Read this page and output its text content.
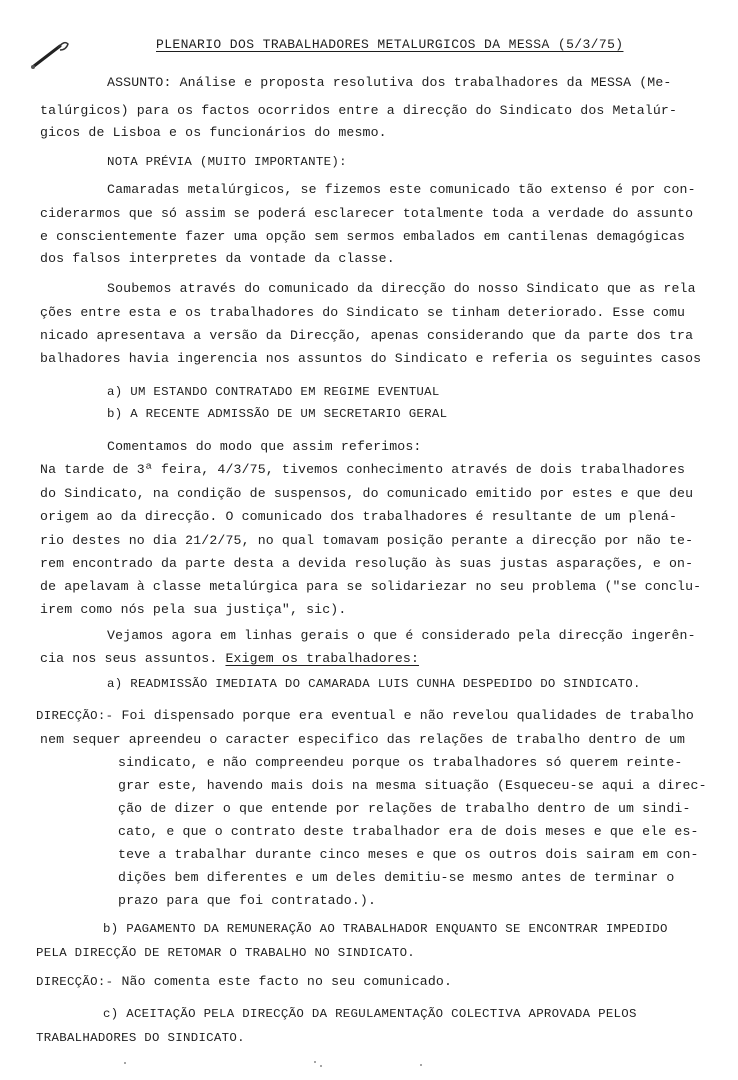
PLENARIO DOS TRABALHADORES METALURGICOS DA MESSA (5/3/75)
ASSUNTO: Análise e proposta resolutiva dos trabalhadores da MESSA (Me-
talúrgicos) para os factos ocorridos entre a direcção do Sindicato dos Metalúr-
gicos de Lisboa e os funcionários do mesmo.
NOTA PRÉVIA (MUITO IMPORTANTE):
Camaradas metalúrgicos, se fizemos este comunicado tão extenso é por con-
ciderarmos que só assim se poderá esclarecer totalmente toda a verdade do assunto
e conscientemente fazer uma opção sem sermos embalados em cantilenas demagógicas
dos falsos interpretes da vontade da classe.
Soubemos através do comunicado da direcção do nosso Sindicato que as rela
ções entre esta e os trabalhadores do Sindicato se tinham deteriorado. Esse comu
nicado apresentava a versão da Direcção, apenas considerando que da parte dos tra
balhadores havia ingerencia nos assuntos do Sindicato e referia os seguintes casos
a) UM ESTANDO CONTRATADO EM REGIME EVENTUAL
b) A RECENTE ADMISSÃO DE UM SECRETARIO GERAL
Comentamos do modo que assim referimos:
Na tarde de 3ª feira, 4/3/75, tivemos conhecimento através de dois trabalhadores
do Sindicato, na condição de suspensos, do comunicado emitido por estes e que deu
origem ao da direcção. O comunicado dos trabalhadores é resultante de um plená-
rio destes no dia 21/2/75, no qual tomavam posição perante a direcção por não te-
rem encontrado da parte desta a devida resolução às suas justas asparações, e on-
de apelavam à classe metalúrgica para se solidariezar no seu problema ("se conclu-
irem como nós pela sua justiça", sic).
Vejamos agora em linhas gerais o que é considerado pela direcção ingerên-
cia nos seus assuntos. Exigem os trabalhadores:
a) READMISSÃO IMEDIATA DO CAMARADA LUIS CUNHA DESPEDIDO DO SINDICATO.
DIRECÇÃO:- Foi dispensado porque era eventual e não revelou qualidades de trabalho
nem sequer apreendeu o caracter especifico das relações de trabalho dentro de um
sindicato, e não compreendeu porque os trabalhadores só querem reinte-
grar este, havendo mais dois na mesma situação (Esqueceu-se aqui a direc-
ção de dizer o que entende por relações de trabalho dentro de um sindi-
cato, e que o contrato deste trabalhador era de dois meses e que ele es-
teve a trabalhar durante cinco meses e que os outros dois sairam em con-
dições bem diferentes e um deles demitiu-se mesmo antes de terminar o
prazo para que foi contratado.).
b) PAGAMENTO DA REMUNERAÇÃO AO TRABALHADOR ENQUANTO SE ENCONTRAR IMPEDIDO
PELA DIRECÇÃO DE RETOMAR O TRABALHO NO SINDICATO.
DIRECÇÃO:- Não comenta este facto no seu comunicado.
c) ACEITAÇÃO PELA DIRECÇÃO DA REGULAMENTAÇÃO COLECTIVA APROVADA PELOS
TRABALHADORES DO SINDICATO.
